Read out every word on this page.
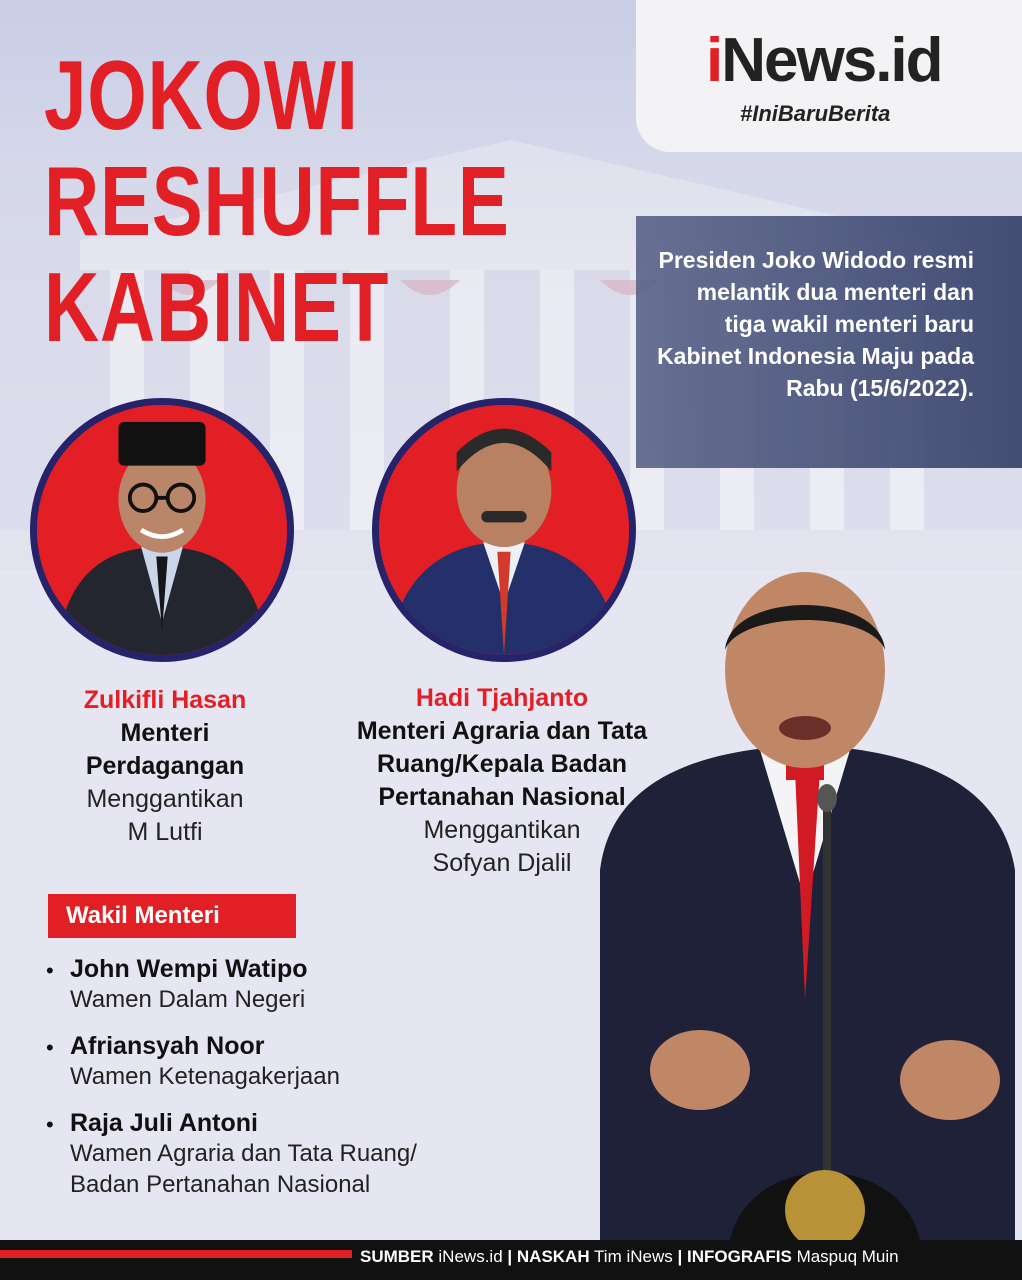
iNews.id
#IniBaruBerita
JOKOWI
RESHUFFLE
KABINET	Presiden Joko Widodo resmi melantik dua menteri dan tiga wakil menteri baru Kabinet Indonesia Maju pada Rabu (15/6/2022).
Zulkifli Hasan
Menteri
Perdagangan
Menggantikan
M Lutfi
Hadi Tjahjanto
Menteri Agraria dan Tata
Ruang/Kepala Badan
Pertanahan Nasional
Menggantikan
Sofyan Djalil
Wakil Menteri
• John Wempi Watipo
Wamen Dalam Negeri
• Afriansyah Noor
Wamen Ketenagakerjaan
• Raja Juli Antoni
Wamen Agraria dan Tata Ruang/
Badan Pertanahan Nasional
SUMBER iNews.id | NASKAH Tim iNews | INFOGRAFIS Maspuq Muin
